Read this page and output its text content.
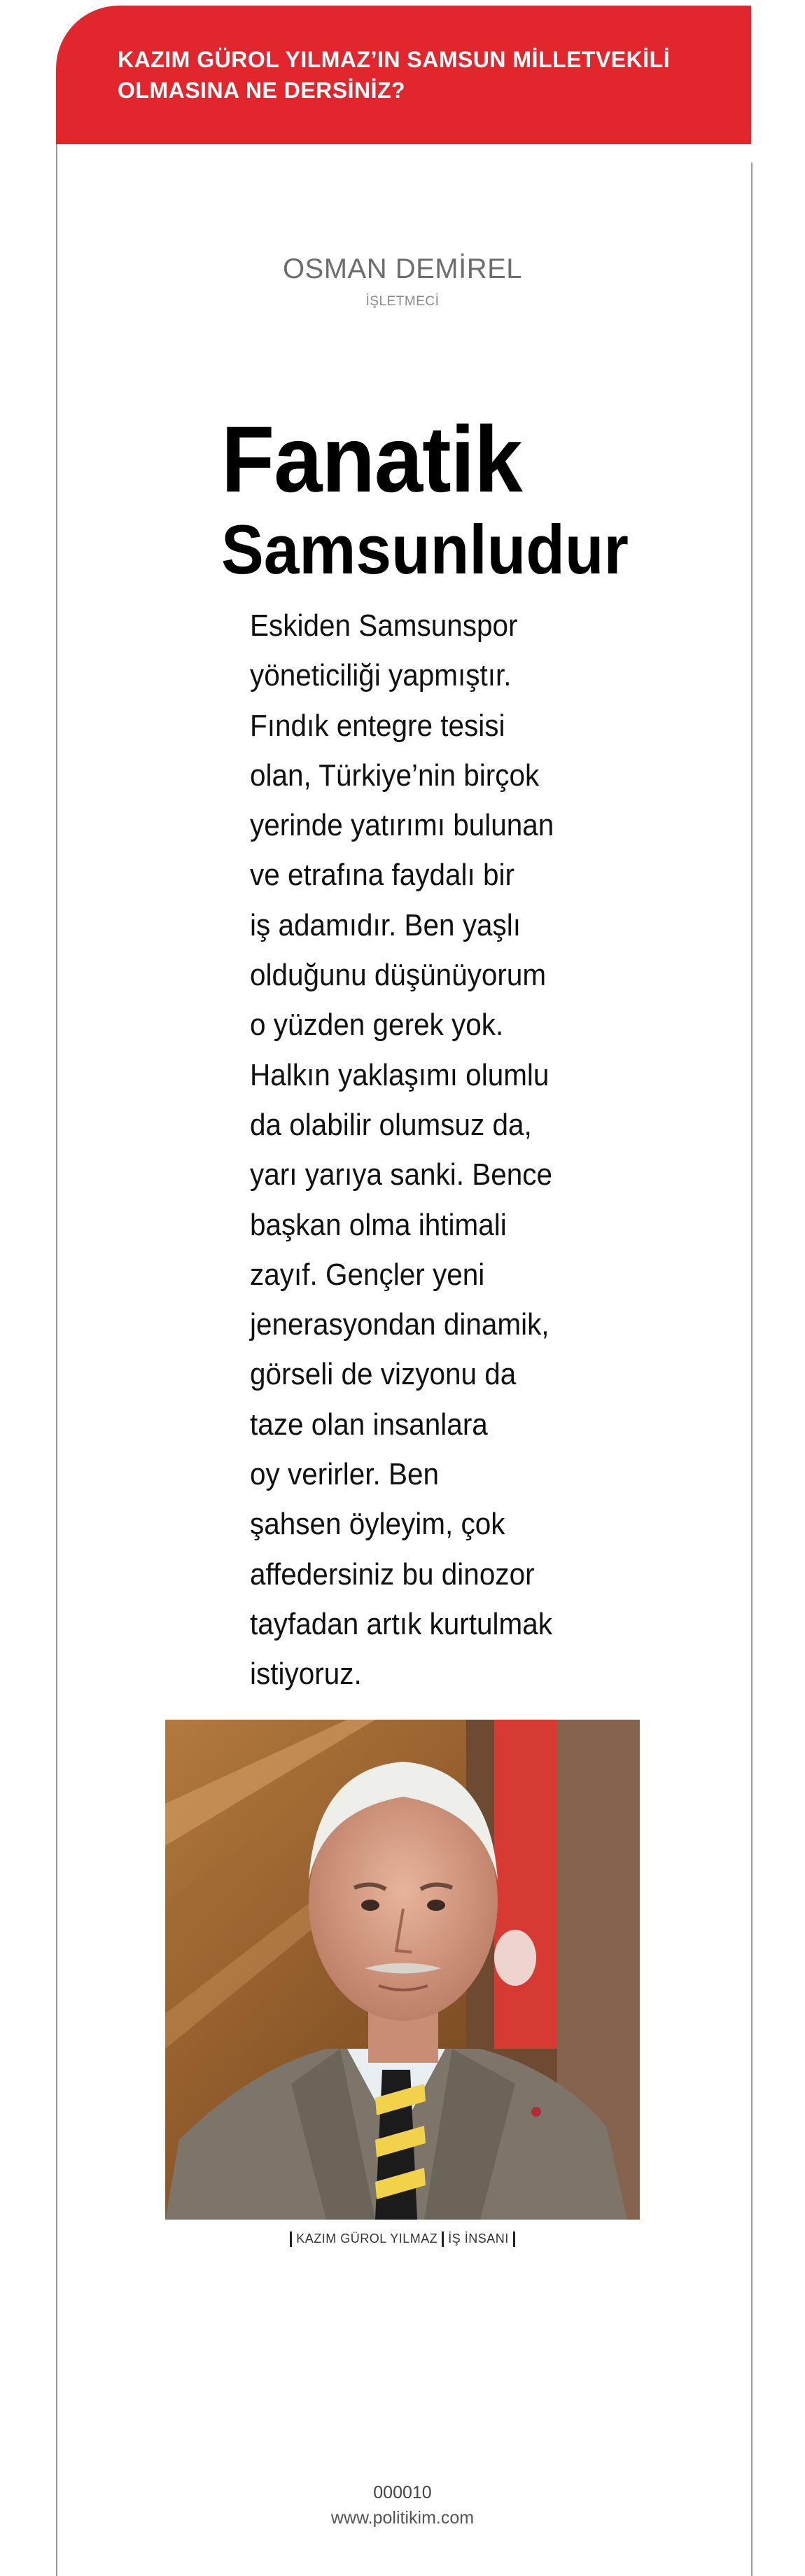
KAZIM GÜROL YILMAZ’IN SAMSUN MİLLETVEKİLİ
OLMASINA NE DERSİNİZ?
OSMAN DEMİREL
İŞLETMECİ
Fanatik
Samsunludur
Eskiden Samsunspor
yöneticiliği yapmıştır.
Fındık entegre tesisi
olan, Türkiye’nin birçok
yerinde yatırımı bulunan
ve etrafına faydalı bir
iş adamıdır. Ben yaşlı
olduğunu düşünüyorum
o yüzden gerek yok.
Halkın yaklaşımı olumlu
da olabilir olumsuz da,
yarı yarıya sanki. Bence
başkan olma ihtimali
zayıf. Gençler yeni
jenerasyondan dinamik,
görseli de vizyonu da
taze olan insanlara
oy verirler. Ben
şahsen öyleyim, çok
affedersiniz bu dinozor
tayfadan artık kurtulmak
istiyoruz.
KAZIM GÜROL YILMAZ İŞ İNSANI
000010
www.politikim.com
